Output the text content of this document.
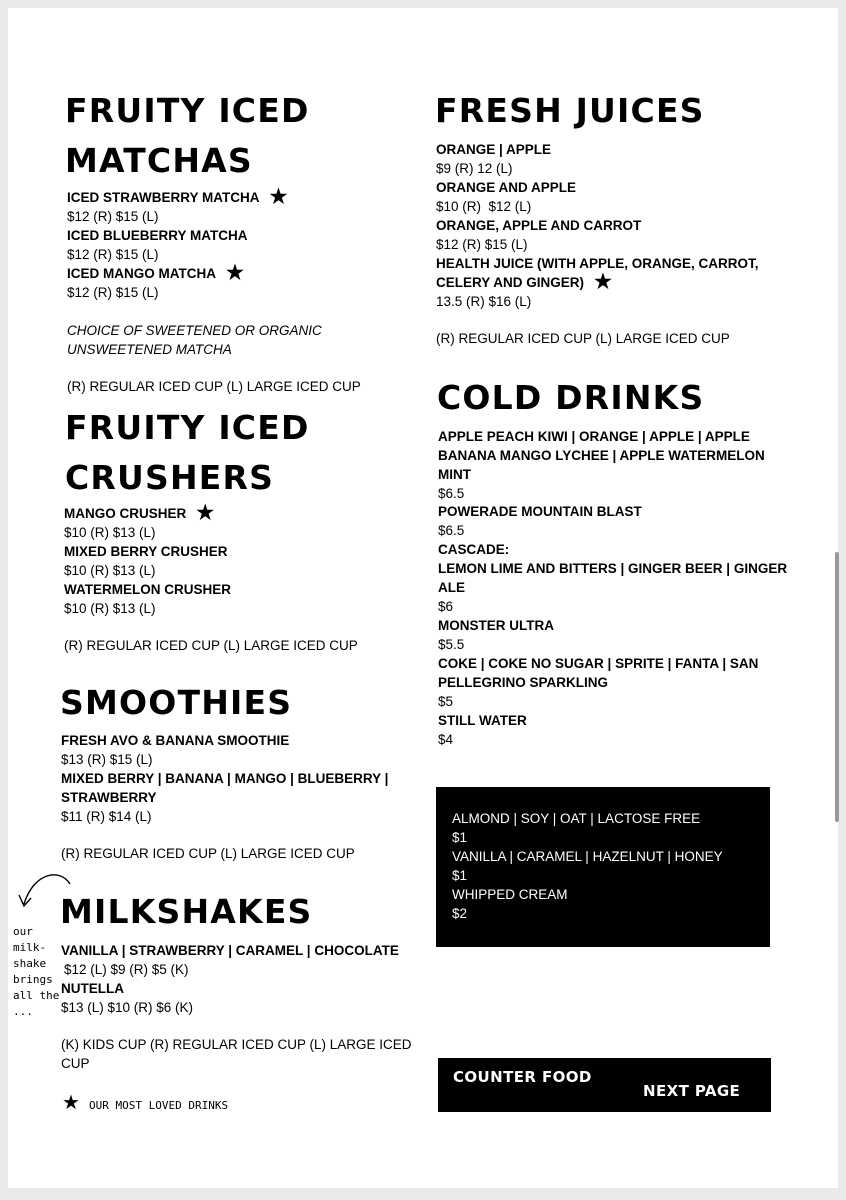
FRUITY ICED
MATCHAS
ICED STRAWBERRY MATCHA ★
$12 (R) $15 (L)
ICED BLUEBERRY MATCHA
$12 (R) $15 (L)
ICED MANGO MATCHA ★
$12 (R) $15 (L)
CHOICE OF SWEETENED OR ORGANIC
UNSWEETENED MATCHA
(R) REGULAR ICED CUP (L) LARGE ICED CUP
FRUITY ICED
CRUSHERS
MANGO CRUSHER ★
$10 (R) $13 (L)
MIXED BERRY CRUSHER
$10 (R) $13 (L)
WATERMELON CRUSHER
$10 (R) $13 (L)
(R) REGULAR ICED CUP (L) LARGE ICED CUP
SMOOTHIES
FRESH AVO & BANANA SMOOTHIE
$13 (R) $15 (L)
MIXED BERRY | BANANA | MANGO | BLUEBERRY |
STRAWBERRY
$11 (R) $14 (L)
(R) REGULAR ICED CUP (L) LARGE ICED CUP
our
milk-
shake
brings
all the
...
MILKSHAKES
VANILLA | STRAWBERRY | CARAMEL | CHOCOLATE
$12 (L) $9 (R) $5 (K)
NUTELLA
$13 (L) $10 (R) $6 (K)
(K) KIDS CUP (R) REGULAR ICED CUP (L) LARGE ICED
CUP
★ OUR MOST LOVED DRINKS
FRESH JUICES
ORANGE | APPLE
$9 (R) 12 (L)
ORANGE AND APPLE
$10 (R)  $12 (L)
ORANGE, APPLE AND CARROT
$12 (R) $15 (L)
HEALTH JUICE (WITH APPLE, ORANGE, CARROT,
CELERY AND GINGER) ★
13.5 (R) $16 (L)
(R) REGULAR ICED CUP (L) LARGE ICED CUP
COLD DRINKS
APPLE PEACH KIWI | ORANGE | APPLE | APPLE
BANANA MANGO LYCHEE | APPLE WATERMELON
MINT
$6.5
POWERADE MOUNTAIN BLAST
$6.5
CASCADE:
LEMON LIME AND BITTERS | GINGER BEER | GINGER
ALE
$6
MONSTER ULTRA
$5.5
COKE | COKE NO SUGAR | SPRITE | FANTA | SAN
PELLEGRINO SPARKLING
$5
STILL WATER
$4
ALMOND | SOY | OAT | LACTOSE FREE
$1
VANILLA | CARAMEL | HAZELNUT | HONEY
$1
WHIPPED CREAM
$2
COUNTER FOOD
NEXT PAGE
